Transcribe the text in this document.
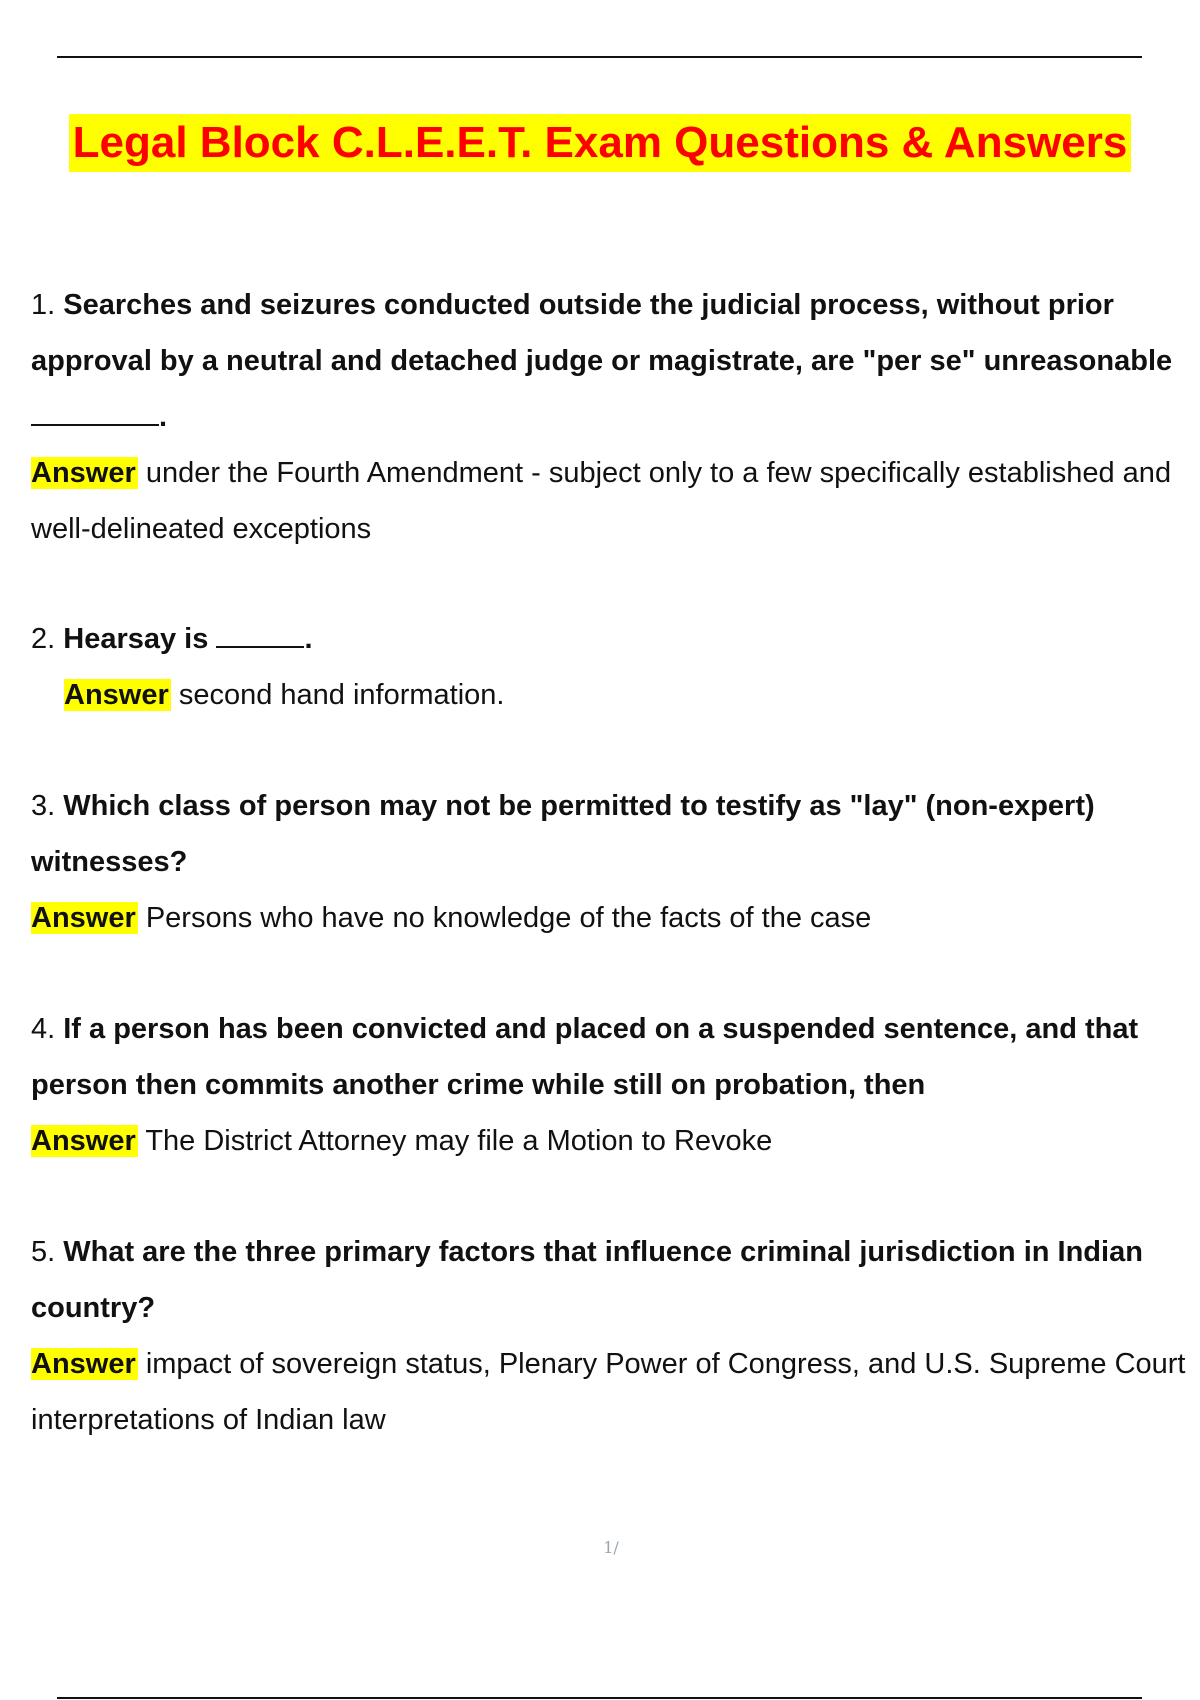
Legal Block C.L.E.E.T. Exam Questions & Answers

1. Searches and seizures conducted outside the judicial process, without prior approval by a neutral and detached judge or magistrate, are "per se" unreasonable.

Answer under the Fourth Amendment - subject only to a few specifically established and well-delineated exceptions

2. Hearsay is	.

Answer second hand information.

3. Which class of person may not be permitted to testify as "lay" (non-expert) witnesses?

Answer Persons who have no knowledge of the facts of the case

4. If a person has been convicted and placed on a suspended sentence, and that person then commits another crime while still on probation, then

Answer The District Attorney may file a Motion to Revoke

5. What are the three primary factors that influence criminal jurisdiction in Indian country?

Answer impact of sovereign status, Plenary Power of Congress, and U.S. Supreme Court interpretations of Indian law

1/
